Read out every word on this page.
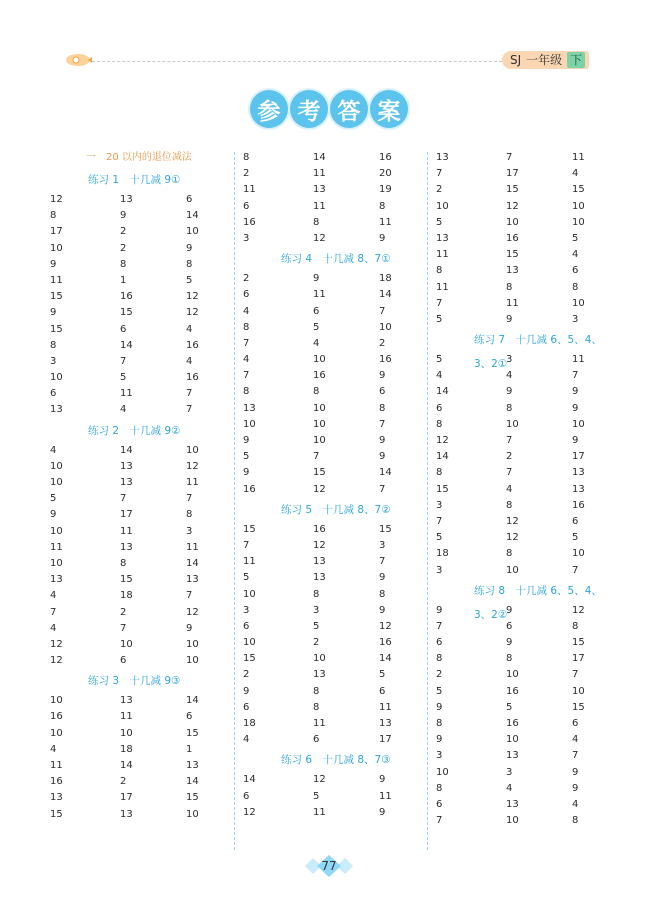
SJ 一年级 下
参 考 答 案
一　20 以内的退位减法
练习 1　十几减 9①
12	13	6
8	9	14
17	2	10
10	2	9
9	8	8
11	1	5
15	16	12
9	15	12
15	6	4
8	14	16
3	7	4
10	5	16
6	11	7
13	4	7
练习 2　十几减 9②
4	14	10
10	13	12
10	13	11
5	7	7
9	17	8
10	11	3
11	13	11
10	8	14
13	15	13
4	18	7
7	2	12
4	7	9
12	10	10
12	6	10
练习 3　十几减 9③
10	13	14
16	11	6
10	10	15
4	18	1
11	14	13
16	2	14
13	17	15
15	13	10
8	14	16
2	11	20
11	13	19
6	11	8
16	8	11
3	12	9
练习 4　十几减 8、7①
2	9	18
6	11	14
4	6	7
8	5	10
7	4	2
4	10	16
7	16	9
8	8	6
13	10	8
10	10	7
9	10	9
5	7	9
9	15	14
16	12	7
练习 5　十几减 8、7②
15	16	15
7	12	3
11	13	7
5	13	9
10	8	8
3	3	9
6	5	12
10	2	16
15	10	14
2	13	5
9	8	6
6	8	11
18	11	13
4	6	17
练习 6　十几减 8、7③
14	12	9
6	5	11
12	11	9
13	7	11
7	17	4
2	15	15
10	12	10
5	10	10
13	16	5
11	15	4
8	13	6
11	8	8
7	11	10
5	9	3
练习 7　十几减 6、5、4、3、2①
5	3	11
4	4	7
14	9	9
6	8	9
8	10	10
12	7	9
14	2	17
8	7	13
15	4	13
3	8	16
7	12	6
5	12	5
18	8	10
3	10	7
练习 8　十几减 6、5、4、3、2②
9	9	12
7	6	8
6	9	15
8	8	17
2	10	7
5	16	10
9	5	15
8	16	6
9	10	4
3	13	7
10	3	9
8	4	9
6	13	4
7	10	8
77
